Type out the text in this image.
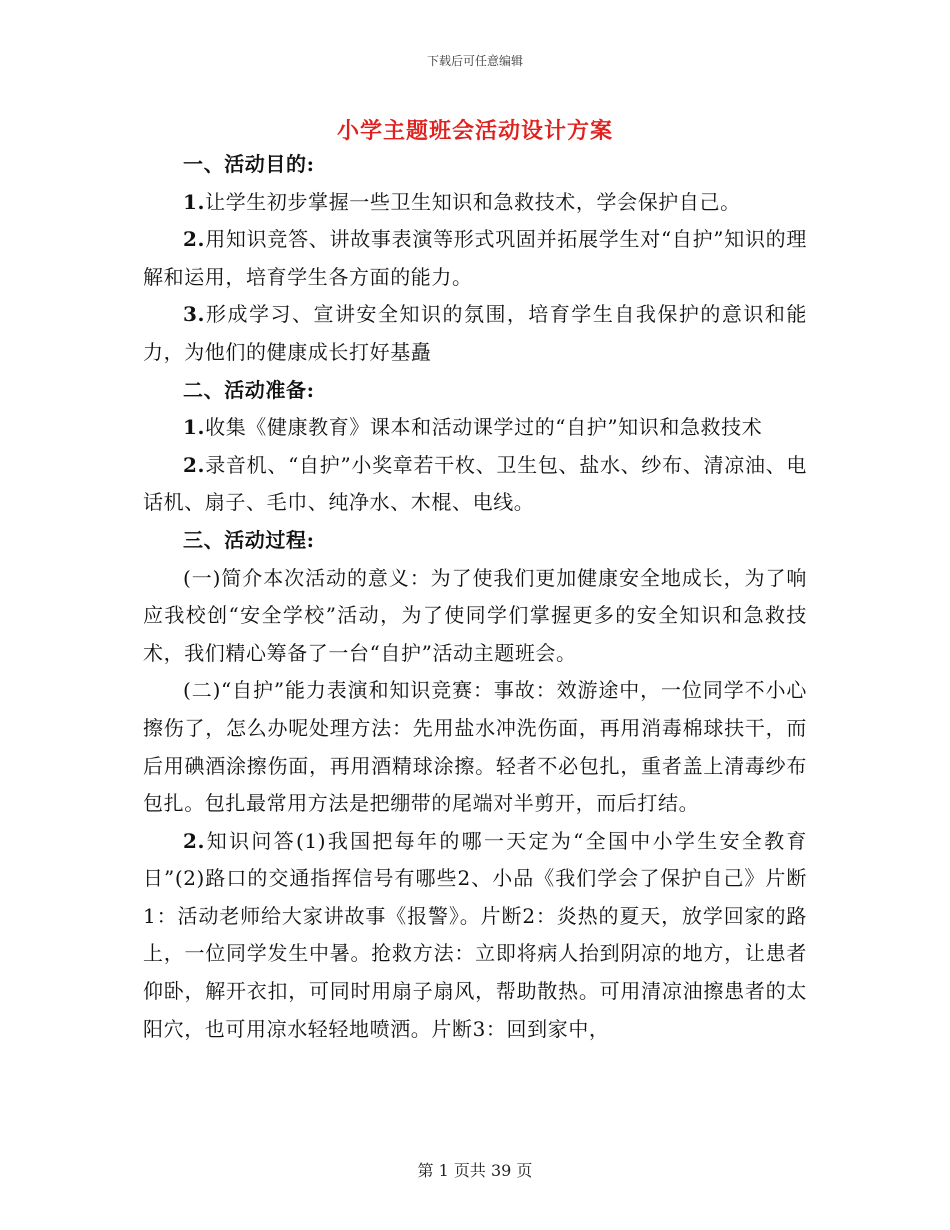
下载后可任意编辑
小学主题班会活动设计方案

一、活动目的:

1.让学生初步掌握一些卫生知识和急救技术，学会保护自己。

2.用知识竞答、讲故事表演等形式巩固并拓展学生对“自护”知识的理解和运用，培育学生各方面的能力。

3.形成学习、宣讲安全知识的氛围，培育学生自我保护的意识和能力，为他们的健康成长打好基矗

二、活动准备:

1.收集《健康教育》课本和活动课学过的“自护”知识和急救技术

2.录音机、“自护”小奖章若干枚、卫生包、盐水、纱布、清凉油、电话机、扇子、毛巾、纯净水、木棍、电线。

三、活动过程:

(一)简介本次活动的意义：为了使我们更加健康安全地成长，为了响应我校创“安全学校”活动，为了使同学们掌握更多的安全知识和急救技术，我们精心筹备了一台“自护”活动主题班会。

(二)“自护”能力表演和知识竞赛：事故：效游途中，一位同学不小心擦伤了，怎么办呢处理方法：先用盐水冲洗伤面，再用消毒棉球扶干，而后用碘酒涂擦伤面，再用酒精球涂擦。轻者不必包扎，重者盖上清毒纱布包扎。包扎最常用方法是把绷带的尾端对半剪开，而后打结。

2.知识问答(1)我国把每年的哪一天定为“全国中小学生安全教育日”(2)路口的交通指挥信号有哪些2、小品《我们学会了保护自己》片断1：活动老师给大家讲故事《报警》。片断2：炎热的夏天，放学回家的路上，一位同学发生中暑。抢救方法：立即将病人抬到阴凉的地方，让患者仰卧，解开衣扣，可同时用扇子扇风，帮助散热。可用清凉油擦患者的太阳穴，也可用凉水轻轻地喷洒。片断3：回到家中，

第 1 页共 39 页
